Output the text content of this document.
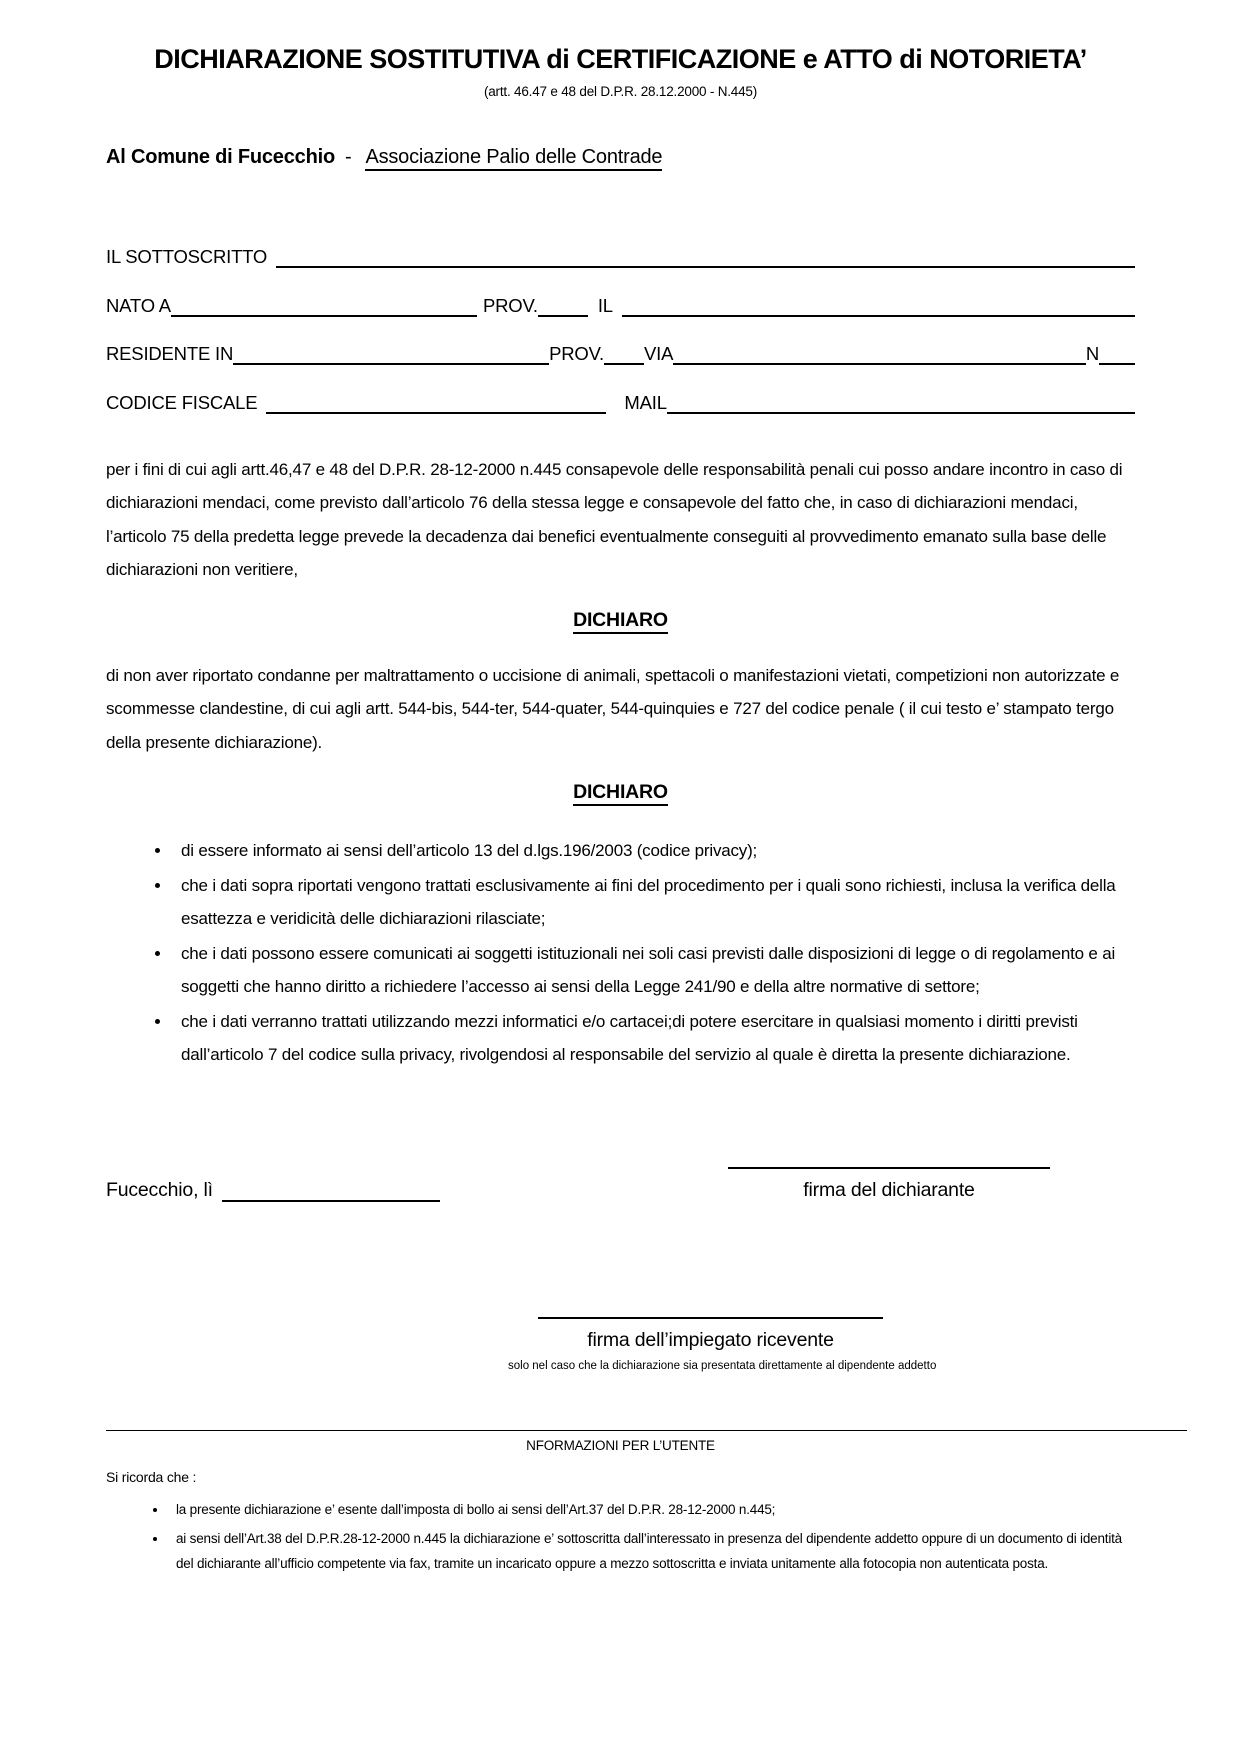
DICHIARAZIONE SOSTITUTIVA di CERTIFICAZIONE e ATTO di NOTORIETA’
(artt. 46.47 e 48 del D.P.R. 28.12.2000 - N.445)
Al Comune di Fucecchio - Associazione Palio delle Contrade
IL SOTTOSCRITTO
NATO A	PROV.	IL
RESIDENTE IN	PROV. VIA	N
CODICE FISCALE	MAIL
per i fini di cui agli artt.46,47 e 48 del D.P.R. 28-12-2000 n.445 consapevole delle responsabilità penali cui posso andare incontro in caso di dichiarazioni mendaci, come previsto dall’articolo 76 della stessa legge e consapevole del fatto che, in caso di dichiarazioni mendaci, l’articolo 75 della predetta legge prevede la decadenza dai benefici eventualmente conseguiti al provvedimento emanato sulla base delle dichiarazioni non veritiere,
DICHIARO
di non aver riportato condanne per maltrattamento o uccisione di animali, spettacoli o manifestazioni vietati, competizioni non autorizzate e scommesse clandestine, di cui agli artt. 544-bis, 544-ter, 544-quater, 544-quinquies e 727 del codice penale ( il cui testo e’ stampato tergo della presente dichiarazione).
DICHIARO
• di essere informato ai sensi dell’articolo 13 del d.lgs.196/2003 (codice privacy);
• che i dati sopra riportati vengono trattati esclusivamente ai fini del procedimento per i quali sono richiesti, inclusa la verifica della esattezza e veridicità delle dichiarazioni rilasciate;
• che i dati possono essere comunicati ai soggetti istituzionali nei soli casi previsti dalle disposizioni di legge o di regolamento e ai soggetti che hanno diritto a richiedere l’accesso ai sensi della Legge 241/90 e della altre normative di settore;
• che i dati verranno trattati utilizzando mezzi informatici e/o cartacei;di potere esercitare in qualsiasi momento i diritti previsti dall’articolo 7 del codice sulla privacy, rivolgendosi al responsabile del servizio al quale è diretta la presente dichiarazione.
Fucecchio, lì	firma del dichiarante
firma dell’impiegato ricevente
solo nel caso che la dichiarazione sia presentata direttamente al dipendente addetto
NFORMAZIONI PER L’UTENTE
Si ricorda che :
• la presente dichiarazione e’ esente dall’imposta di bollo ai sensi dell’Art.37 del D.P.R. 28-12-2000 n.445;
• ai sensi dell’Art.38 del D.P.R.28-12-2000 n.445 la dichiarazione e’ sottoscritta dall’interessato in presenza del dipendente addetto oppure di un documento di identità del dichiarante all’ufficio competente via fax, tramite un incaricato oppure a mezzo sottoscritta e inviata unitamente alla fotocopia non autenticata posta.
